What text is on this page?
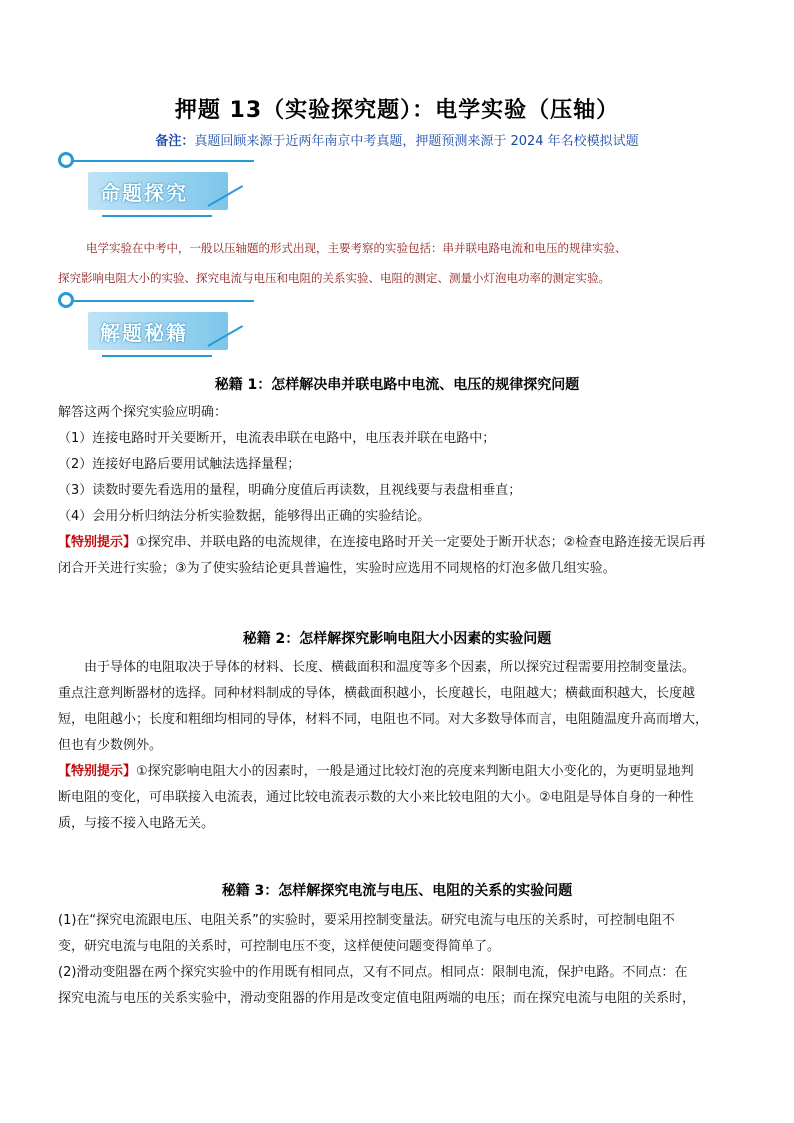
押题 13（实验探究题）：电学实验（压轴）
备注：真题回顾来源于近两年南京中考真题，押题预测来源于 2024 年名校模拟试题
命题探究

电学实验在中考中，一般以压轴题的形式出现，主要考察的实验包括：串并联电路电流和电压的规律实验、

探究影响电阻大小的实验、探究电流与电压和电阻的关系实验、电阻的测定、测量小灯泡电功率的测定实验。

解题秘籍
秘籍 1：怎样解决串并联电路中电流、电压的规律探究问题

解答这两个探究实验应明确：

（1）连接电路时开关要断开，电流表串联在电路中，电压表并联在电路中；

（2）连接好电路后要用试触法选择量程；

（3）读数时要先看选用的量程，明确分度值后再读数，且视线要与表盘相垂直；

（4）会用分析归纳法分析实验数据，能够得出正确的实验结论。

【特别提示】①探究串、并联电路的电流规律，在连接电路时开关一定要处于断开状态；②检查电路连接无误后再

闭合开关进行实验；③为了使实验结论更具普遍性，实验时应选用不同规格的灯泡多做几组实验。

秘籍 2：怎样解探究影响电阻大小因素的实验问题

由于导体的电阻取决于导体的材料、长度、横截面积和温度等多个因素，所以探究过程需要用控制变量法。

重点注意判断器材的选择。同种材料制成的导体，横截面积越小，长度越长，电阻越大；横截面积越大，长度越

短，电阻越小；长度和粗细均相同的导体，材料不同，电阻也不同。对大多数导体而言，电阻随温度升高而增大，

但也有少数例外。

【特别提示】①探究影响电阻大小的因素时，一般是通过比较灯泡的亮度来判断电阻大小变化的，为更明显地判

断电阻的变化，可串联接入电流表，通过比较电流表示数的大小来比较电阻的大小。②电阻是导体自身的一种性

质，与接不接入电路无关。

秘籍 3：怎样解探究电流与电压、电阻的关系的实验问题

(1)在“探究电流跟电压、电阻关系”的实验时，要采用控制变量法。研究电流与电压的关系时，可控制电阻不

变，研究电流与电阻的关系时，可控制电压不变，这样便使问题变得简单了。

(2)滑动变阻器在两个探究实验中的作用既有相同点，又有不同点。相同点：限制电流，保护电路。不同点：在

探究电流与电压的关系实验中，滑动变阻器的作用是改变定值电阻两端的电压；而在探究电流与电阻的关系时，
